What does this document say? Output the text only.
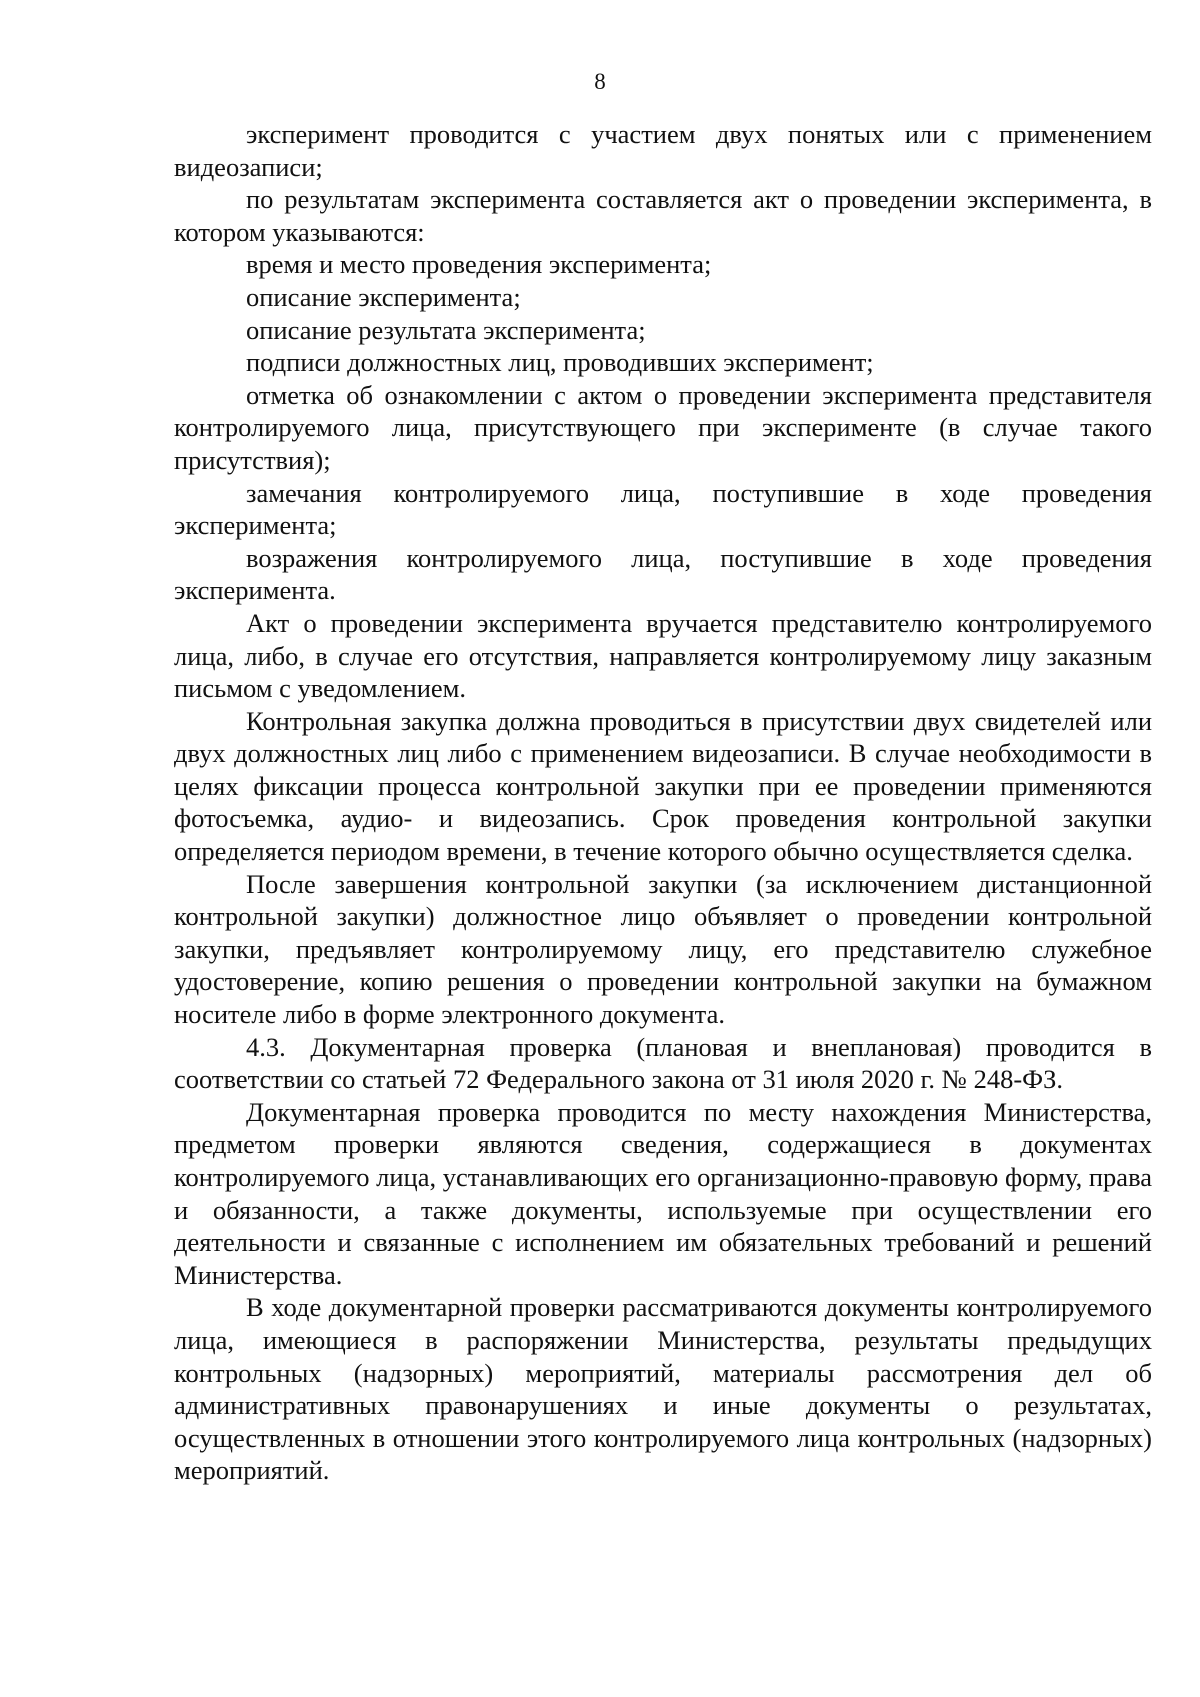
8

эксперимент проводится с участием двух понятых или с применением видеозаписи;

по результатам эксперимента составляется акт о проведении эксперимента, в котором указываются:

время и место проведения эксперимента;

описание эксперимента;

описание результата эксперимента;

подписи должностных лиц, проводивших эксперимент;

отметка об ознакомлении с актом о проведении эксперимента представителя контролируемого лица, присутствующего при эксперименте (в случае такого присутствия);

замечания контролируемого лица, поступившие в ходе проведения эксперимента;

возражения контролируемого лица, поступившие в ходе проведения эксперимента.

Акт о проведении эксперимента вручается представителю контролируемого лица, либо, в случае его отсутствия, направляется контролируемому лицу заказным письмом с уведомлением.

Контрольная закупка должна проводиться в присутствии двух свидетелей или двух должностных лиц либо с применением видеозаписи. В случае необходимости в целях фиксации процесса контрольной закупки при ее проведении применяются фотосъемка, аудио- и видеозапись. Срок проведения контрольной закупки определяется периодом времени, в течение которого обычно осуществляется сделка.

После завершения контрольной закупки (за исключением дистанционной контрольной закупки) должностное лицо объявляет о проведении контрольной закупки, предъявляет контролируемому лицу, его представителю служебное удостоверение, копию решения о проведении контрольной закупки на бумажном носителе либо в форме электронного документа.

4.3. Документарная проверка (плановая и внеплановая) проводится в соответствии со статьей 72 Федерального закона от 31 июля 2020 г. № 248-ФЗ.

Документарная проверка проводится по месту нахождения Министерства, предметом проверки являются сведения, содержащиеся в документах контролируемого лица, устанавливающих его организационно-правовую форму, права и обязанности, а также документы, используемые при осуществлении его деятельности и связанные с исполнением им обязательных требований и решений Министерства.

В ходе документарной проверки рассматриваются документы контролируемого лица, имеющиеся в распоряжении Министерства, результаты предыдущих контрольных (надзорных) мероприятий, материалы рассмотрения дел об административных правонарушениях и иные документы о результатах, осуществленных в отношении этого контролируемого лица контрольных (надзорных) мероприятий.
